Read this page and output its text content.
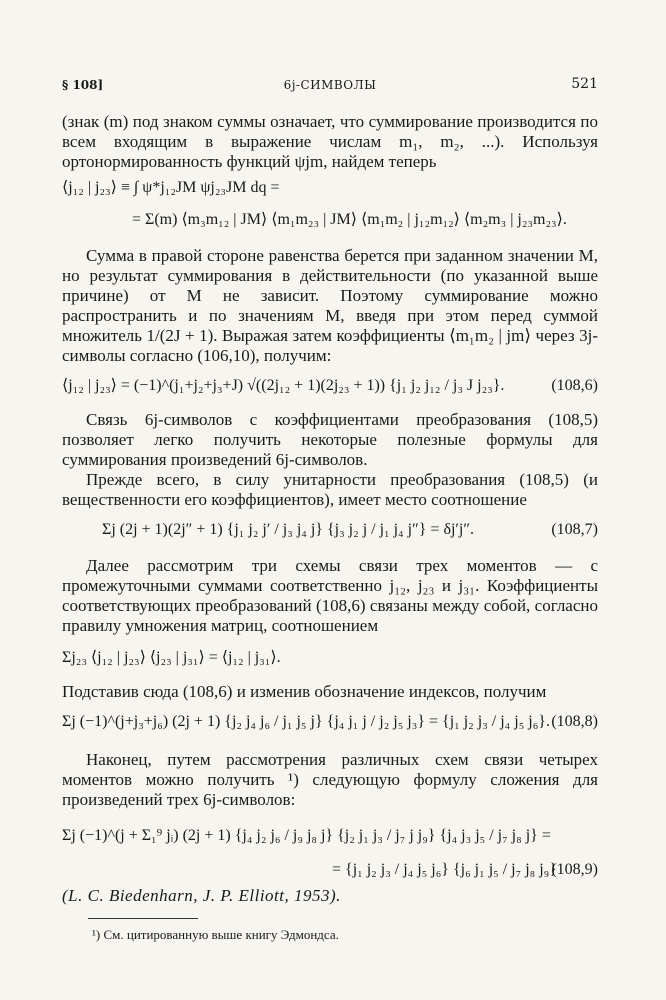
§ 108]	6j-СИМВОЛЫ	521

(знак (m) под знаком суммы означает, что суммирование производится по всем входящим в выражение числам m₁, m₂, ...). Используя ортонормированность функций ψjm, найдем теперь

⟨j₁₂ | j₂₃⟩ ≡ ∫ ψ*j₁₂JM ψj₂₃JM dq =
= Σ(m) ⟨m₃m₁₂ | JM⟩ ⟨m₁m₂₃ | JM⟩ ⟨m₁m₂ | j₁₂m₁₂⟩ ⟨m₂m₃ | j₂₃m₂₃⟩.

Сумма в правой стороне равенства берется при заданном значении M, но результат суммирования в действительности (по указанной выше причине) от M не зависит. Поэтому суммирование можно распространить и по значениям M, введя при этом перед суммой множитель 1/(2J + 1). Выражая затем коэффициенты ⟨m₁m₂ | jm⟩ через 3j-символы согласно (106,10), получим:

⟨j₁₂ | j₂₃⟩ = (−1)^(j₁+j₂+j₃+J) √((2j₁₂ + 1)(2j₂₃ + 1)) {j₁ j₂ j₁₂ / j₃ J j₂₃}.	(108,6)

Связь 6j-символов с коэффициентами преобразования (108,5) позволяет легко получить некоторые полезные формулы для суммирования произведений 6j-символов.

Прежде всего, в силу унитарности преобразования (108,5) (и вещественности его коэффициентов), имеет место соотношение

Σj (2j + 1)(2j″ + 1) {j₁ j₂ j′ / j₃ j₄ j} {j₃ j₂ j / j₁ j₄ j″} = δj′j″.	(108,7)

Далее рассмотрим три схемы связи трех моментов — с промежуточными суммами соответственно j₁₂, j₂₃ и j₃₁. Коэффициенты соответствующих преобразований (108,6) связаны между собой, согласно правилу умножения матриц, соотношением

Σj₂₃ ⟨j₁₂ | j₂₃⟩ ⟨j₂₃ | j₃₁⟩ = ⟨j₁₂ | j₃₁⟩.

Подставив сюда (108,6) и изменив обозначение индексов, получим

Σj (−1)^(j+j₃+j₆) (2j + 1) {j₂ j₄ j₆ / j₁ j₅ j} {j₄ j₁ j / j₂ j₅ j₃} = {j₁ j₂ j₃ / j₄ j₅ j₆}. (108,8)

Наконец, путем рассмотрения различных схем связи четырех моментов можно получить ¹) следующую формулу сложения для произведений трех 6j-символов:

Σj (−1)^(j + Σ₁⁹ jᵢ) (2j + 1) {j₄ j₂ j₆ / j₉ j₈ j} {j₂ j₁ j₃ / j₇ j j₉} {j₄ j₃ j₅ / j₇ j₈ j} =
= {j₁ j₂ j₃ / j₄ j₅ j₆} {j₆ j₁ j₅ / j₇ j₈ j₉}
(108,9)

(L. C. Biedenharn, J. P. Elliott, 1953).

¹) См. цитированную выше книгу Эдмондса.
